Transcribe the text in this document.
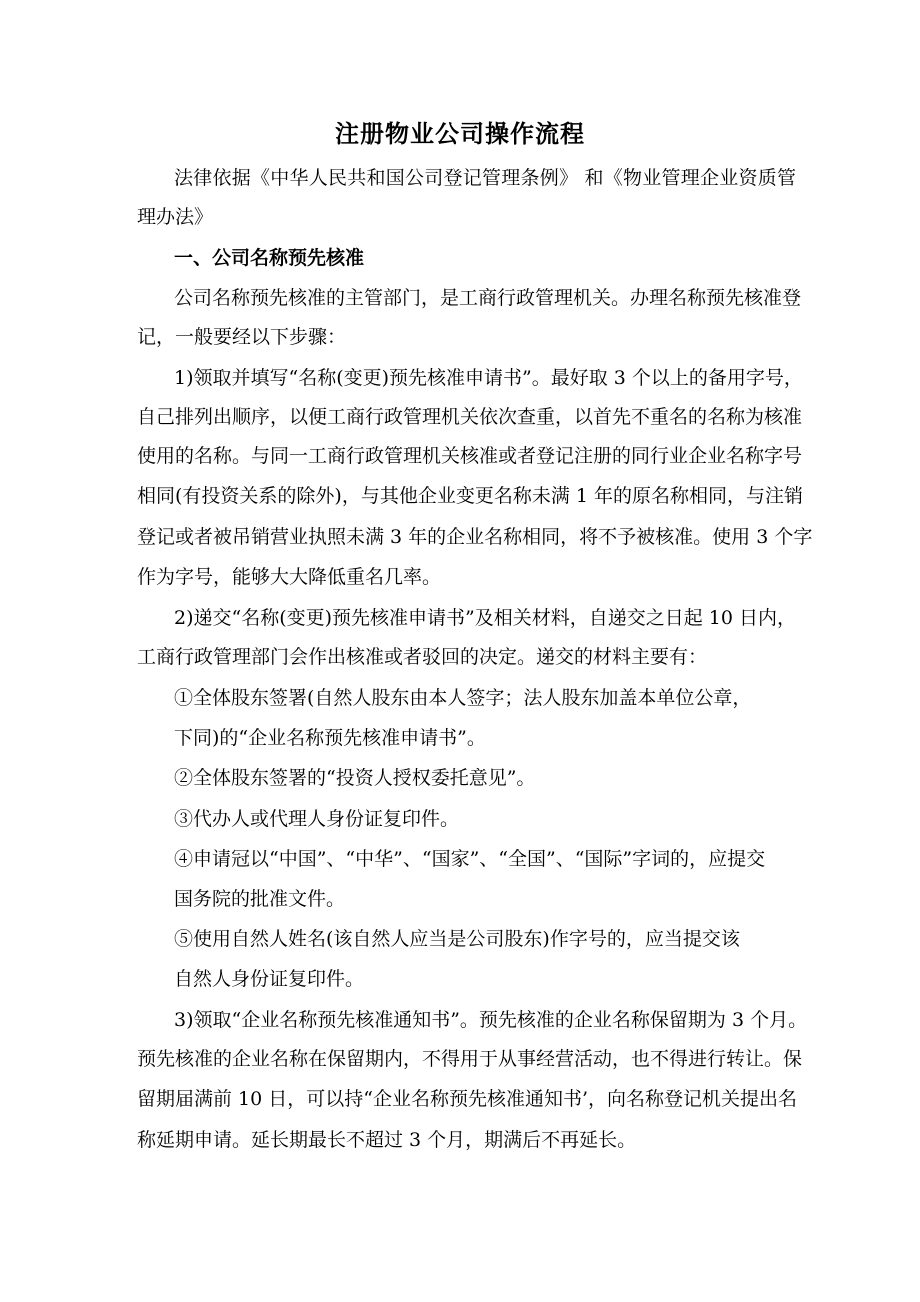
注册物业公司操作流程
法律依据《中华人民共和国公司登记管理条例》 和《物业管理企业资质管
理办法》
一、公司名称预先核准
公司名称预先核准的主管部门，是工商行政管理机关。办理名称预先核准登
记，一般要经以下步骤：
1)领取并填写“名称(变更)预先核准申请书”。最好取 3 个以上的备用字号，
自己排列出顺序，以便工商行政管理机关依次查重，以首先不重名的名称为核准
使用的名称。与同一工商行政管理机关核准或者登记注册的同行业企业名称字号
相同(有投资关系的除外)，与其他企业变更名称未满 1 年的原名称相同，与注销
登记或者被吊销营业执照未满 3 年的企业名称相同，将不予被核准。使用 3 个字
作为字号，能够大大降低重名几率。
2)递交“名称(变更)预先核准申请书”及相关材料，自递交之日起 10 日内，
工商行政管理部门会作出核准或者驳回的决定。递交的材料主要有：
①全体股东签署(自然人股东由本人签字；法人股东加盖本单位公章，
下同)的“企业名称预先核准申请书”。
②全体股东签署的“投资人授权委托意见”。
③代办人或代理人身份证复印件。
④申请冠以“中国”、“中华”、“国家”、“全国”、“国际”字词的，应提交
国务院的批准文件。
⑤使用自然人姓名(该自然人应当是公司股东)作字号的，应当提交该
自然人身份证复印件。
3)领取“企业名称预先核准通知书”。预先核准的企业名称保留期为 3 个月。
预先核准的企业名称在保留期内，不得用于从事经营活动，也不得进行转让。保
留期届满前 10 日，可以持“企业名称预先核准通知书’，向名称登记机关提出名
称延期申请。延长期最长不超过 3 个月，期满后不再延长。
